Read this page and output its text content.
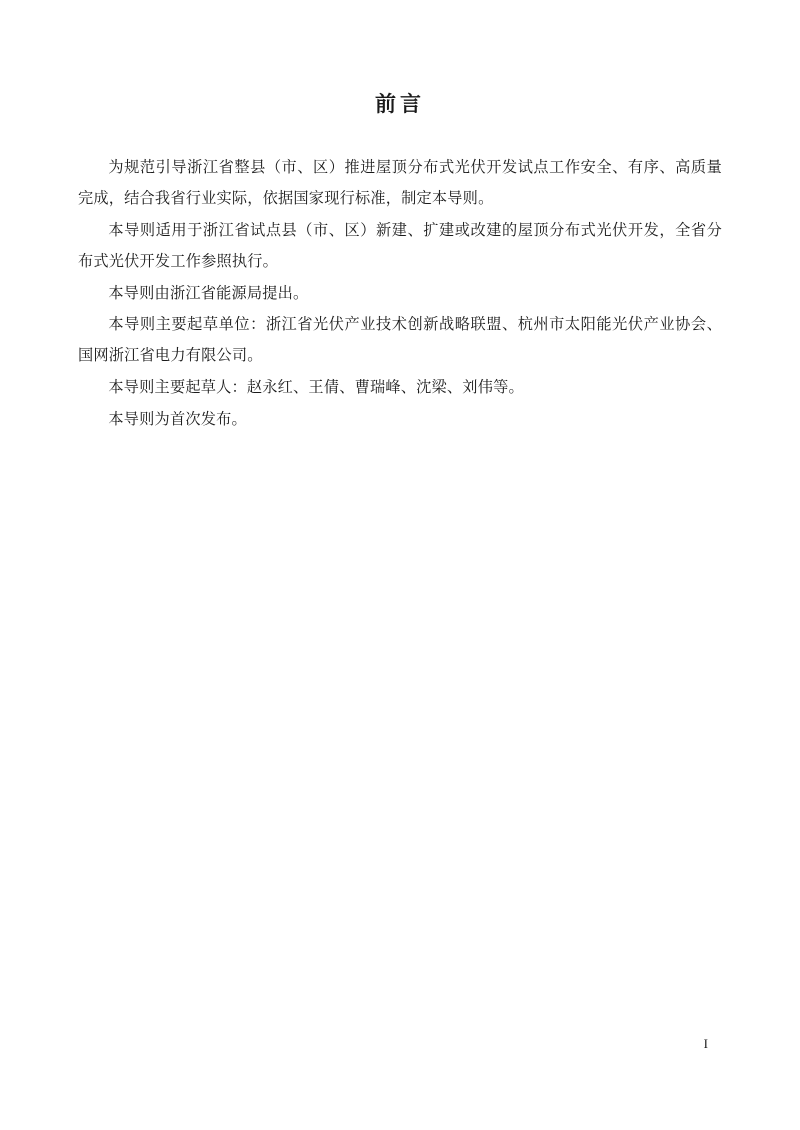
前言

为规范引导浙江省整县（市、区）推进屋顶分布式光伏开发试点工作安全、有序、高质量完成，结合我省行业实际，依据国家现行标准，制定本导则。

本导则适用于浙江省试点县（市、区）新建、扩建或改建的屋顶分布式光伏开发，全省分布式光伏开发工作参照执行。

本导则由浙江省能源局提出。

本导则主要起草单位：浙江省光伏产业技术创新战略联盟、杭州市太阳能光伏产业协会、国网浙江省电力有限公司。

本导则主要起草人：赵永红、王倩、曹瑞峰、沈梁、刘伟等。

本导则为首次发布。

I
